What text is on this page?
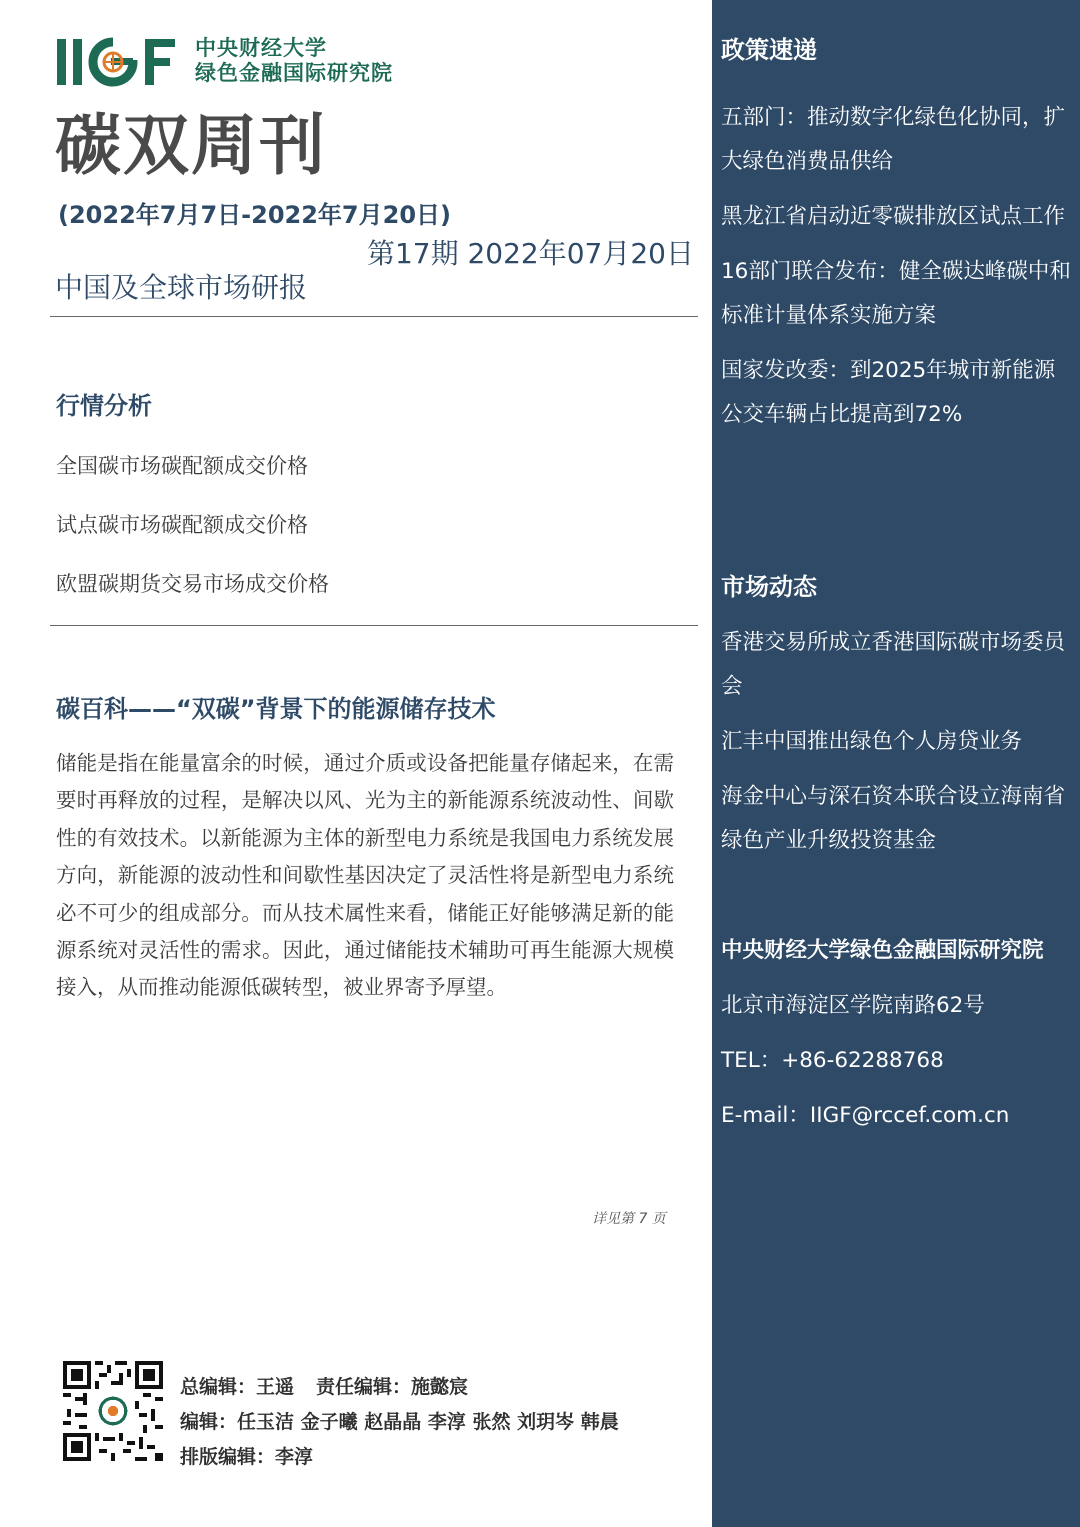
中央财经大学
绿色金融国际研究院
碳双周刊
(2022年7月7日-2022年7月20日)
第17期 2022年07月20日
中国及全球市场研报
行情分析
全国碳市场碳配额成交价格
试点碳市场碳配额成交价格
欧盟碳期货交易市场成交价格
碳百科——“双碳”背景下的能源储存技术
储能是指在能量富余的时候，通过介质或设备把能量存储起来，在需要时再释放的过程，是解决以风、光为主的新能源系统波动性、间歇性的有效技术。以新能源为主体的新型电力系统是我国电力系统发展方向，新能源的波动性和间歇性基因决定了灵活性将是新型电力系统必不可少的组成部分。而从技术属性来看，储能正好能够满足新的能源系统对灵活性的需求。因此，通过储能技术辅助可再生能源大规模接入，从而推动能源低碳转型，被业界寄予厚望。
详见第 7 页
总编辑：王遥 责任编辑：施懿宸
编辑：任玉洁 金子曦 赵晶晶 李淳 张然 刘玥岑 韩晨
排版编辑：李淳
政策速递
五部门：推动数字化绿色化协同，扩大绿色消费品供给
黑龙江省启动近零碳排放区试点工作
16部门联合发布：健全碳达峰碳中和标准计量体系实施方案
国家发改委：到2025年城市新能源公交车辆占比提高到72%
市场动态
香港交易所成立香港国际碳市场委员会
汇丰中国推出绿色个人房贷业务
海金中心与深石资本联合设立海南省绿色产业升级投资基金
中央财经大学绿色金融国际研究院
北京市海淀区学院南路62号
TEL：+86-62288768
E-mail：IIGF@rccef.com.cn
